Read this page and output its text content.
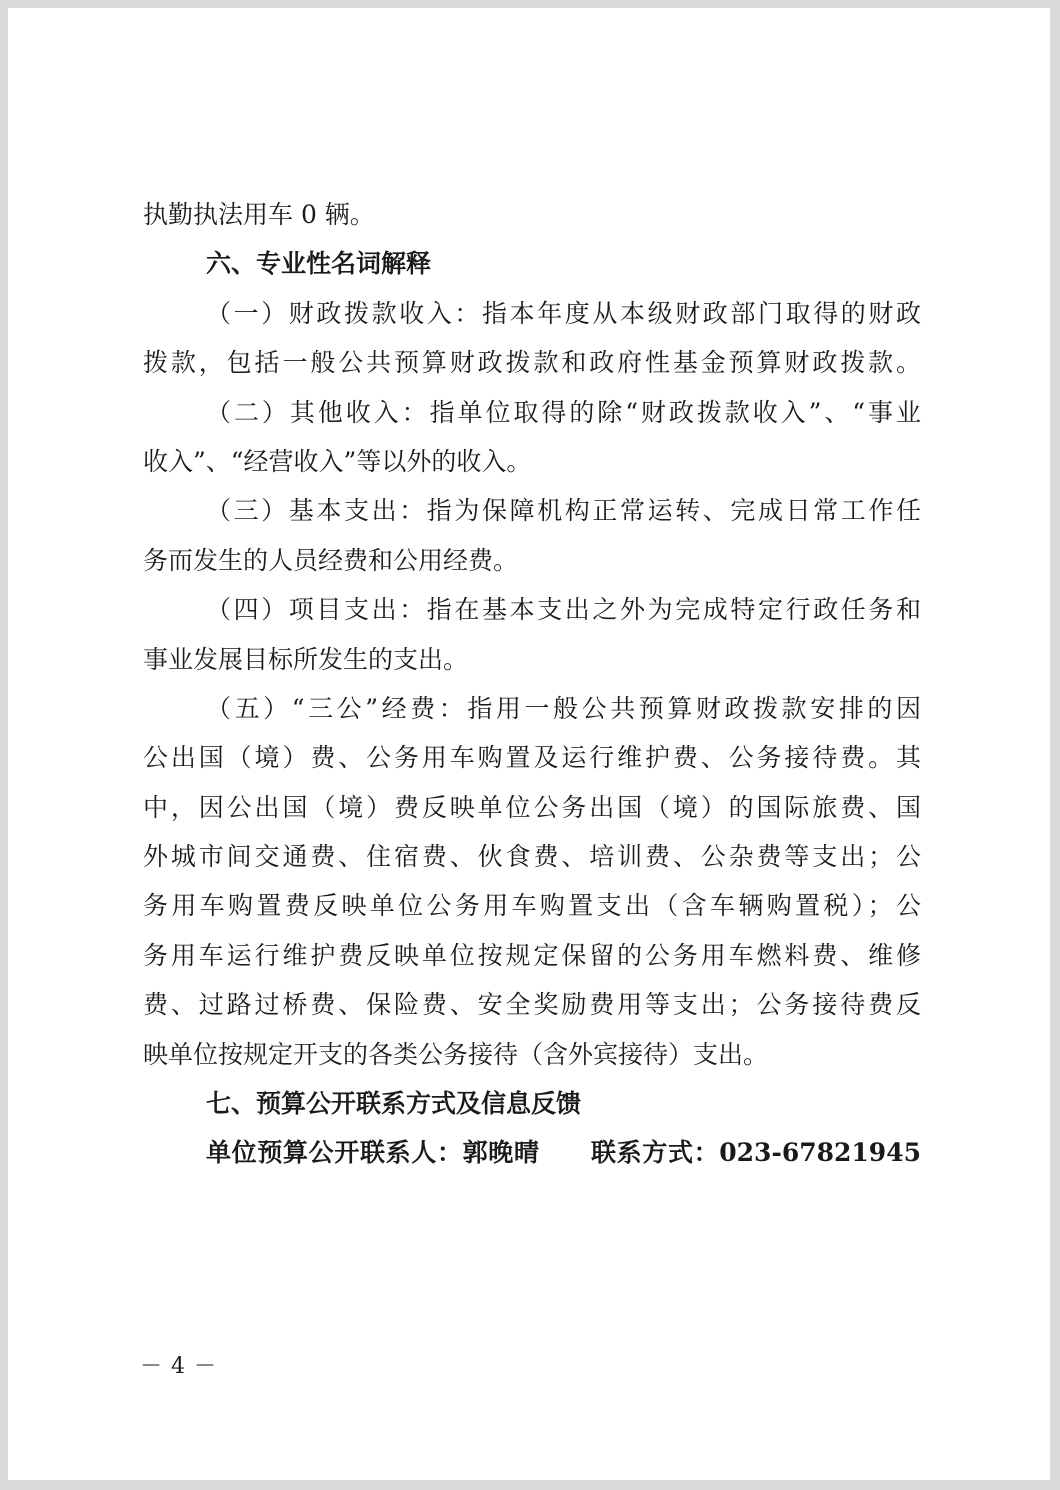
执勤执法用车 0 辆。
六、专业性名词解释
（一）财政拨款收入：指本年度从本级财政部门取得的财政
拨款，包括一般公共预算财政拨款和政府性基金预算财政拨款。
（二）其他收入：指单位取得的除“财政拨款收入”、“事业
收入”、“经营收入”等以外的收入。
（三）基本支出：指为保障机构正常运转、完成日常工作任
务而发生的人员经费和公用经费。
（四）项目支出：指在基本支出之外为完成特定行政任务和
事业发展目标所发生的支出。
（五）“三公”经费：指用一般公共预算财政拨款安排的因
公出国（境）费、公务用车购置及运行维护费、公务接待费。其
中，因公出国（境）费反映单位公务出国（境）的国际旅费、国
外城市间交通费、住宿费、伙食费、培训费、公杂费等支出；公
务用车购置费反映单位公务用车购置支出（含车辆购置税）；公
务用车运行维护费反映单位按规定保留的公务用车燃料费、维修
费、过路过桥费、保险费、安全奖励费用等支出；公务接待费反
映单位按规定开支的各类公务接待（含外宾接待）支出。
七、预算公开联系方式及信息反馈
单位预算公开联系人：郭晚晴　　联系方式：023-67821945
－ 4 －
